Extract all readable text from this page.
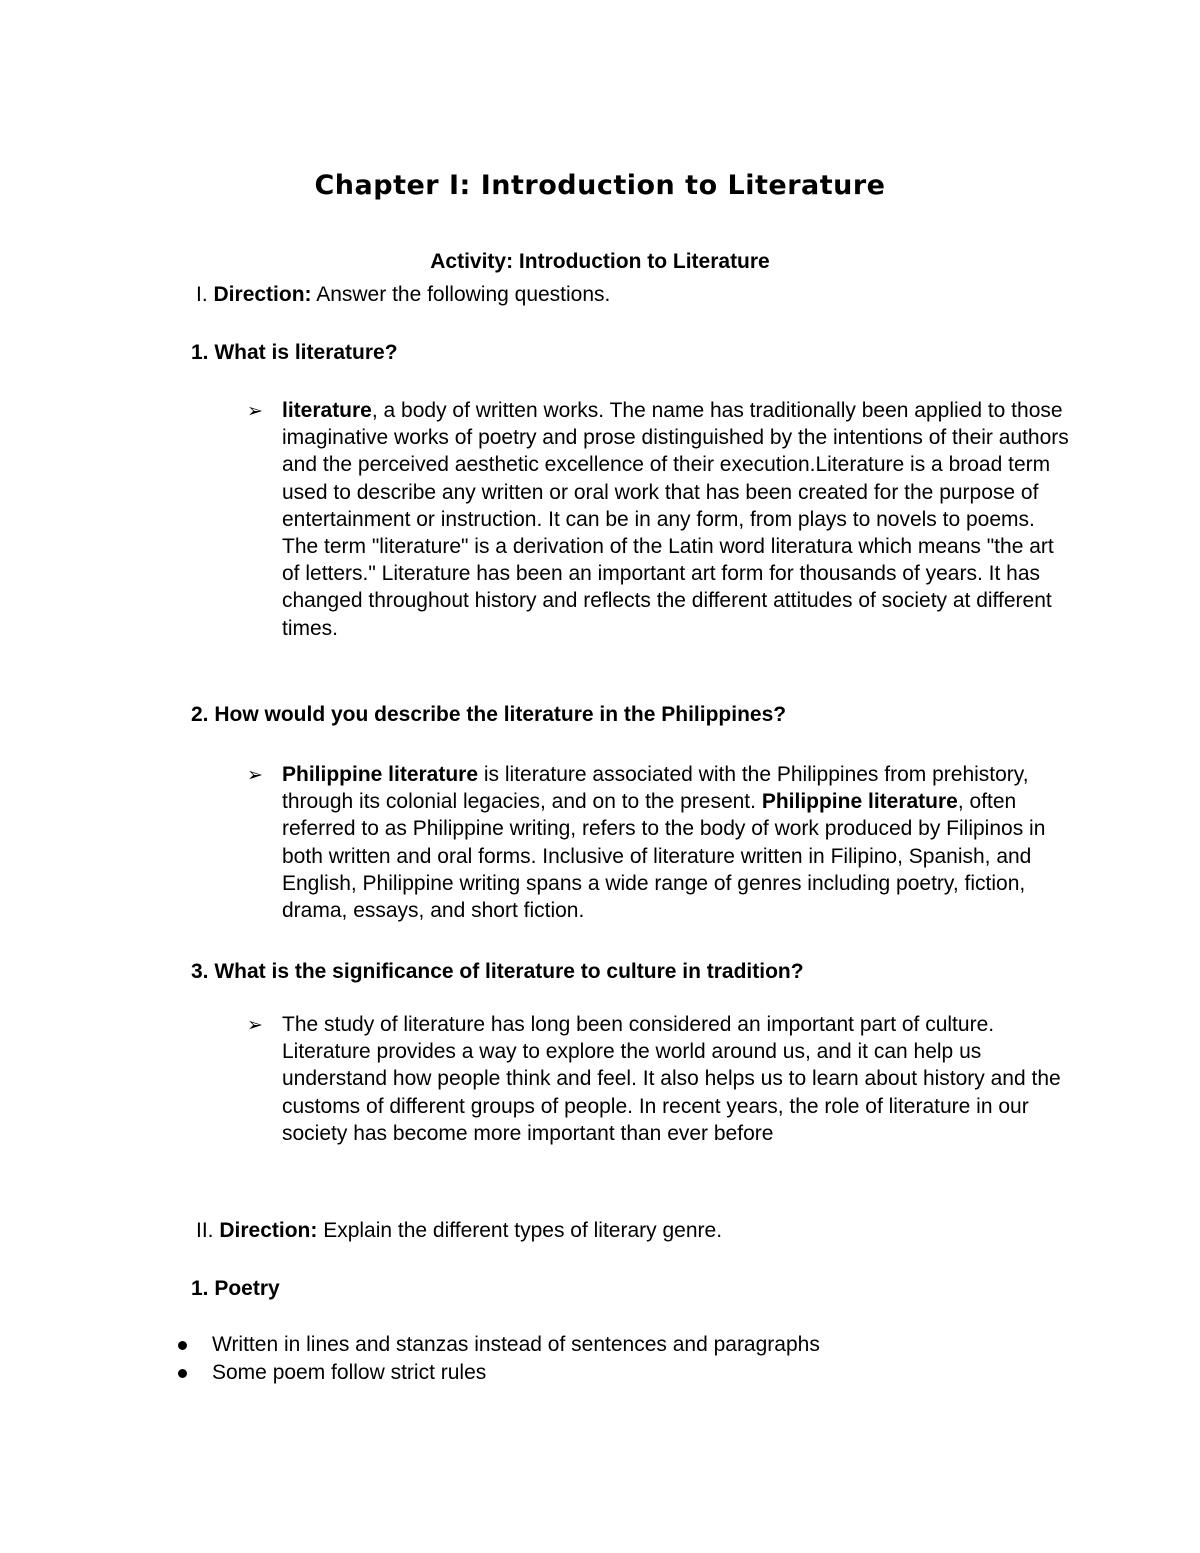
Chapter I: Introduction to Literature
Activity: Introduction to Literature

I. Direction: Answer the following questions.

1. What is literature?

➢ literature, a body of written works. The name has traditionally been applied to those imaginative works of poetry and prose distinguished by the intentions of their authors and the perceived aesthetic excellence of their execution.Literature is a broad term used to describe any written or oral work that has been created for the purpose of entertainment or instruction. It can be in any form, from plays to novels to poems. The term "literature" is a derivation of the Latin word literatura which means "the art of letters." Literature has been an important art form for thousands of years. It has changed throughout history and reflects the different attitudes of society at different times.

2. How would you describe the literature in the Philippines?

➢ Philippine literature is literature associated with the Philippines from prehistory, through its colonial legacies, and on to the present. Philippine literature, often referred to as Philippine writing, refers to the body of work produced by Filipinos in both written and oral forms. Inclusive of literature written in Filipino, Spanish, and English, Philippine writing spans a wide range of genres including poetry, fiction, drama, essays, and short fiction.

3. What is the significance of literature to culture in tradition?

➢ The study of literature has long been considered an important part of culture. Literature provides a way to explore the world around us, and it can help us understand how people think and feel. It also helps us to learn about history and the customs of different groups of people. In recent years, the role of literature in our society has become more important than ever before

II. Direction: Explain the different types of literary genre.

1. Poetry

Written in lines and stanzas instead of sentences and paragraphs
Some poem follow strict rules
